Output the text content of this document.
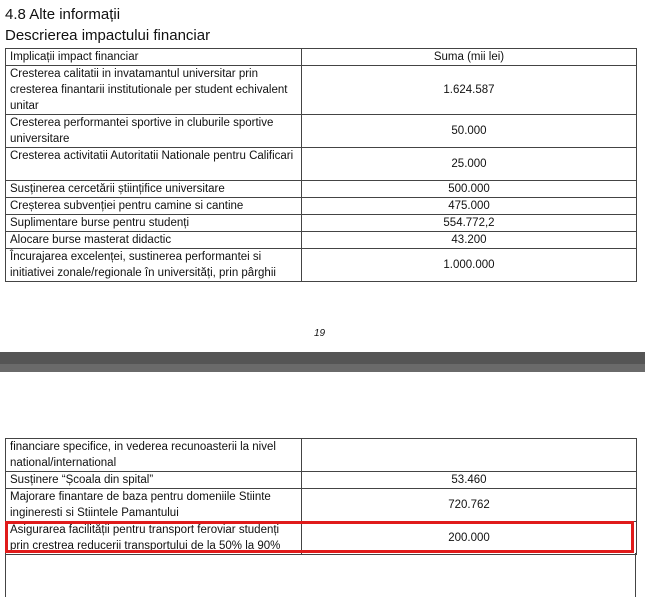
4.8 Alte informații
Descrierea impactului financiar
Implicații impact financiar	Suma (mii lei)
Cresterea calitatii in invatamantul universitar prin cresterea finantarii institutionale per student echivalent unitar	1.624.587
Cresterea performantei sportive in cluburile sportive universitare	50.000
Cresterea activitatii Autoritatii Nationale pentru Calificari	25.000
Susținerea cercetării științifice universitare	500.000
Creșterea subvenției pentru camine si cantine	475.000
Suplimentare burse pentru studenți	554.772,2
Alocare burse masterat didactic	43.200
Încurajarea excelenței, sustinerea performantei si initiativei zonale/regionale în universități, prin pârghii	1.000.000
19
financiare specifice, in vederea recunoasterii la nivel national/international	
Susținere “Școala din spital”	53.460
Majorare finantare de baza pentru domeniile Stiinte ingineresti si Stiintele Pamantului	720.762
Asigurarea facilității pentru transport feroviar studenți prin crestrea reducerii transportului de la 50% la 90%	200.000
